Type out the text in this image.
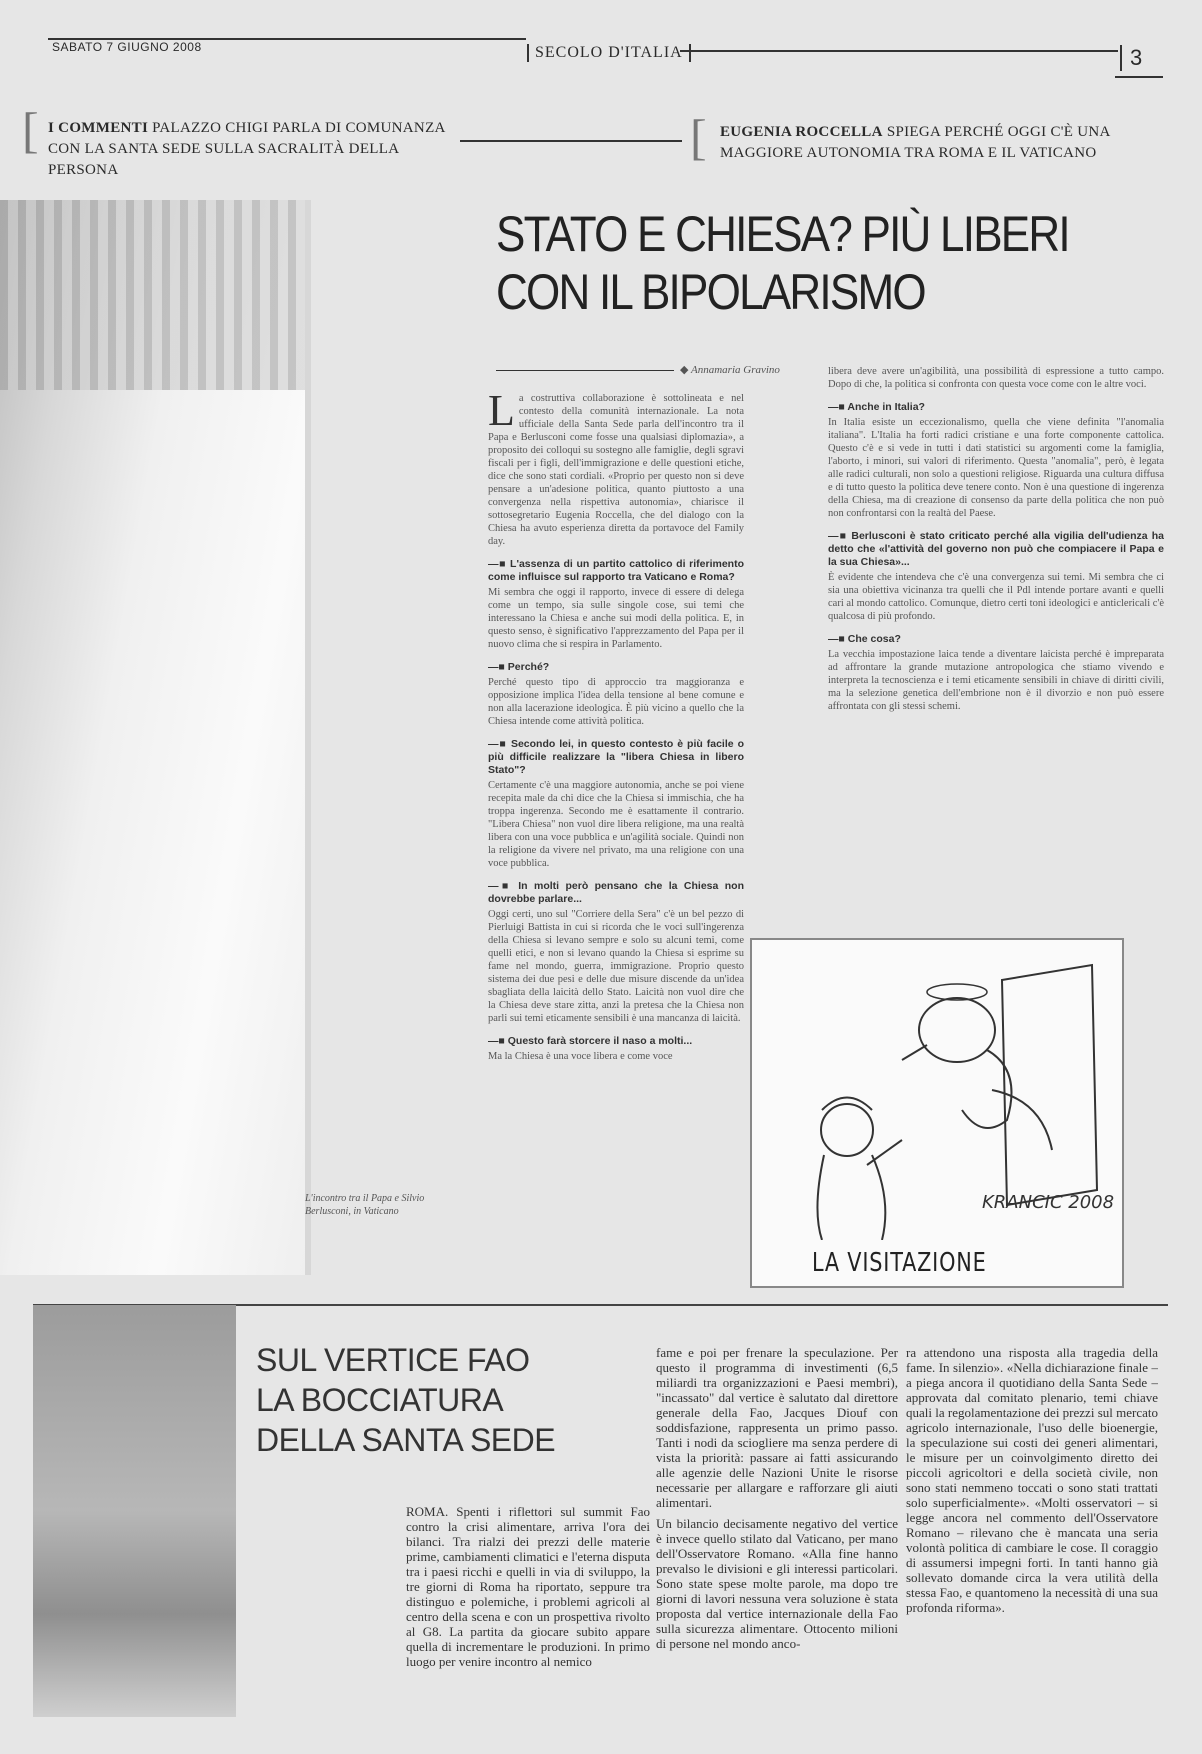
SABATO 7 GIUGNO 2008	SECOLO D'ITALIA	3
[ I COMMENTI PALAZZO CHIGI PARLA DI COMUNANZA CON LA SANTA SEDE SULLA SACRALITÀ DELLA PERSONA
[ EUGENIA ROCCELLA SPIEGA PERCHÉ OGGI C'È UNA MAGGIORE AUTONOMIA TRA ROMA E IL VATICANO
L'incontro tra il Papa e Silvio Berlusconi, in Vaticano
STATO E CHIESA? PIÙ LIBERI CON IL BIPOLARISMO
◆ Annamaria Gravino

La costruttiva collaborazione è sottolineata e nel contesto della comunità internazionale. La nota ufficiale della Santa Sede parla dell'incontro tra il Papa e Berlusconi come fosse una qualsiasi diplomazia», a proposito dei colloqui su sostegno alle famiglie, degli sgravi fiscali per i figli, dell'immigrazione e delle questioni etiche, dice che sono stati cordiali. «Proprio per questo non si deve pensare a un'adesione politica, quanto piuttosto a una convergenza nella rispettiva autonomia», chiarisce il sottosegretario Eugenia Roccella, che del dialogo con la Chiesa ha avuto esperienza diretta da portavoce del Family day.

—■ L'assenza di un partito cattolico di riferimento come influisce sul rapporto tra Vaticano e Roma?

Mi sembra che oggi il rapporto, invece di essere di delega come un tempo, sia sulle singole cose, sui temi che interessano la Chiesa e anche sui modi della politica. E, in questo senso, è significativo l'apprezzamento del Papa per il nuovo clima che si respira in Parlamento.

—■ Perché?

Perché questo tipo di approccio tra maggioranza e opposizione implica l'idea della tensione al bene comune e non alla lacerazione ideologica. È più vicino a quello che la Chiesa intende come attività politica.

—■ Secondo lei, in questo contesto è più facile o più difficile realizzare la "libera Chiesa in libero Stato"?

Certamente c'è una maggiore autonomia, anche se poi viene recepita male da chi dice che la Chiesa si immischia, che ha troppa ingerenza. Secondo me è esattamente il contrario. "Libera Chiesa" non vuol dire libera religione, ma una realtà libera con una voce pubblica e un'agilità sociale. Quindi non la religione da vivere nel privato, ma una religione con una voce pubblica.

—■ In molti però pensano che la Chiesa non dovrebbe parlare...

Oggi certi, uno sul "Corriere della Sera" c'è un bel pezzo di Pierluigi Battista in cui si ricorda che le voci sull'ingerenza della Chiesa si levano sempre e solo su alcuni temi, come quelli etici, e non si levano quando la Chiesa si esprime su fame nel mondo, guerra, immigrazione. Proprio questo sistema dei due pesi e delle due misure discende da un'idea sbagliata della laicità dello Stato. Laicità non vuol dire che la Chiesa deve stare zitta, anzi la pretesa che la Chiesa non parli sui temi eticamente sensibili è una mancanza di laicità.

—■ Questo farà storcere il naso a molti...

Ma la Chiesa è una voce libera e come voce

libera deve avere un'agibilità, una possibilità di espressione a tutto campo. Dopo di che, la politica si confronta con questa voce come con le altre voci.

—■ Anche in Italia?

In Italia esiste un eccezionalismo, quella che viene definita "l'anomalia italiana". L'Italia ha forti radici cristiane e una forte componente cattolica. Questo c'è e si vede in tutti i dati statistici su argomenti come la famiglia, l'aborto, i minori, sui valori di riferimento. Questa "anomalia", però, è legata alle radici culturali, non solo a questioni religiose. Riguarda una cultura diffusa e di tutto questo la politica deve tenere conto. Non è una questione di ingerenza della Chiesa, ma di creazione di consenso da parte della politica che non può non confrontarsi con la realtà del Paese.

—■ Berlusconi è stato criticato perché alla vigilia dell'udienza ha detto che «l'attività del governo non può che compiacere il Papa e la sua Chiesa»...

È evidente che intendeva che c'è una convergenza sui temi. Mi sembra che ci sia una obiettiva vicinanza tra quelli che il Pdl intende portare avanti e quelli cari al mondo cattolico. Comunque, dietro certi toni ideologici e anticlericali c'è qualcosa di più profondo.

—■ Che cosa?

La vecchia impostazione laica tende a diventare laicista perché è impreparata ad affrontare la grande mutazione antropologica che stiamo vivendo e interpreta la tecnoscienza e i temi eticamente sensibili in chiave di diritti civili, ma la selezione genetica dell'embrione non è il divorzio e non può essere affrontata con gli stessi schemi.

KRANCIC 2008
LA VISITAZIONE
SUL VERTICE FAO
LA BOCCIATURA
DELLA SANTA SEDE

ROMA. Spenti i riflettori sul summit Fao contro la crisi alimentare, arriva l'ora dei bilanci. Tra rialzi dei prezzi delle materie prime, cambiamenti climatici e l'eterna disputa tra i paesi ricchi e quelli in via di sviluppo, la tre giorni di Roma ha riportato, seppure tra distinguo e polemiche, i problemi agricoli al centro della scena e con un prospettiva rivolto al G8. La partita da giocare subito appare quella di incrementare le produzioni. In primo luogo per venire incontro al nemico

fame e poi per frenare la speculazione. Per questo il programma di investimenti (6,5 miliardi tra organizzazioni e Paesi membri), "incassato" dal vertice è salutato dal direttore generale della Fao, Jacques Diouf con soddisfazione, rappresenta un primo passo. Tanti i nodi da sciogliere ma senza perdere di vista la priorità: passare ai fatti assicurando alle agenzie delle Nazioni Unite le risorse necessarie per allargare e rafforzare gli aiuti alimentari.

Un bilancio decisamente negativo del vertice è invece quello stilato dal Vaticano, per mano dell'Osservatore Romano. «Alla fine hanno prevalso le divisioni e gli interessi particolari. Sono state spese molte parole, ma dopo tre giorni di lavori nessuna vera soluzione è stata proposta dal vertice internazionale della Fao sulla sicurezza alimentare. Ottocento milioni di persone nel mondo anco-

ra attendono una risposta alla tragedia della fame. In silenzio». «Nella dichiarazione finale –a piega ancora il quotidiano della Santa Sede – approvata dal comitato plenario, temi chiave quali la regolamentazione dei prezzi sul mercato agricolo internazionale, l'uso delle bioenergie, la speculazione sui costi dei generi alimentari, le misure per un coinvolgimento diretto dei piccoli agricoltori e della società civile, non sono stati nemmeno toccati o sono stati trattati solo superficialmente». «Molti osservatori – si legge ancora nel commento dell'Osservatore Romano – rilevano che è mancata una seria volontà politica di cambiare le cose. Il coraggio di assumersi impegni forti. In tanti hanno già sollevato domande circa la vera utilità della stessa Fao, e quantomeno la necessità di una sua profonda riforma».
